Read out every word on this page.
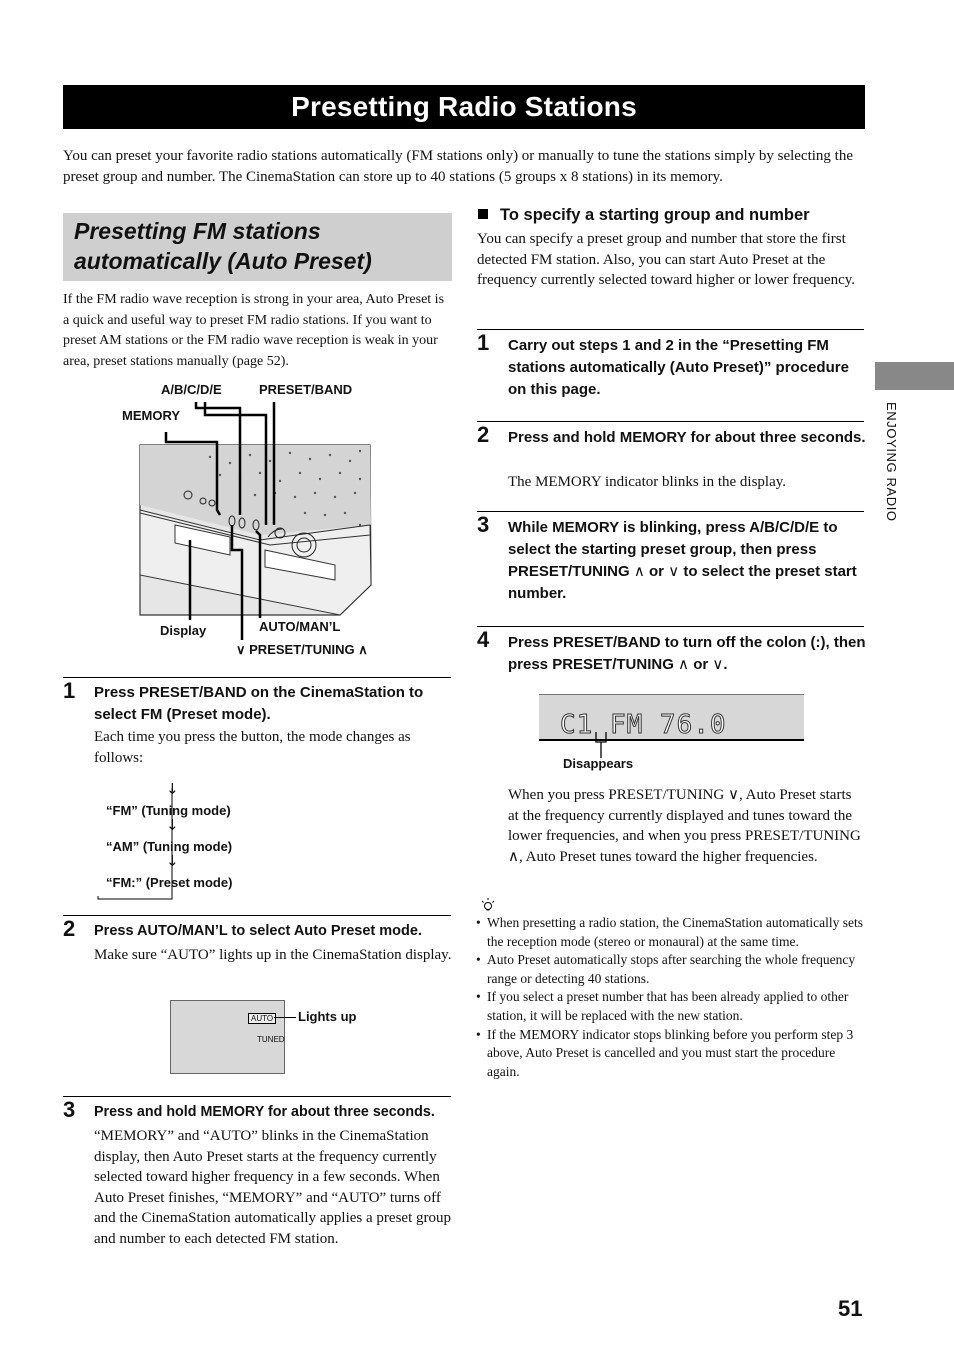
Presetting Radio Stations
You can preset your favorite radio stations automatically (FM stations only) or manually to tune the stations simply by selecting the preset group and number. The CinemaStation can store up to 40 stations (5 groups x 8 stations) in its memory.
ENJOYING RADIO
Presetting FM stations
automatically (Auto Preset)
If the FM radio wave reception is strong in your area, Auto Preset is a quick and useful way to preset FM radio stations. If you want to preset AM stations or the FM radio wave reception is weak in your area, preset stations manually (page 52).
A/B/C/D/E	PRESET/BAND
MEMORY
Display	AUTO/MAN’L
∨ PRESET/TUNING ∧
1 Press PRESET/BAND on the CinemaStation to select FM (Preset mode).
Each time you press the button, the mode changes as follows:
↓
“FM” (Tuning mode)
↓
“AM” (Tuning mode)
↓
“FM:” (Preset mode)
2 Press AUTO/MAN’L to select Auto Preset mode.
Make sure “AUTO” lights up in the CinemaStation display.
AUTO
TUNED
Lights up
3 Press and hold MEMORY for about three seconds.
“MEMORY” and “AUTO” blinks in the CinemaStation display, then Auto Preset starts at the frequency currently selected toward higher frequency in a few seconds. When Auto Preset finishes, “MEMORY” and “AUTO” turns off and the CinemaStation automatically applies a preset group and number to each detected FM station.
To specify a starting group and number
You can specify a preset group and number that store the first detected FM station. Also, you can start Auto Preset at the frequency currently selected toward higher or lower frequency.
1 Carry out steps 1 and 2 in the “Presetting FM stations automatically (Auto Preset)” procedure on this page.
2 Press and hold MEMORY for about three seconds.
The MEMORY indicator blinks in the display.
3 While MEMORY is blinking, press A/B/C/D/E to select the starting preset group, then press PRESET/TUNING ∧ or ∨ to select the preset start number.
4 Press PRESET/BAND to turn off the colon (:), then press PRESET/TUNING ∧ or ∨.
C1 FM 76.0
Disappears
When you press PRESET/TUNING ∨, Auto Preset starts at the frequency currently displayed and tunes toward the lower frequencies, and when you press PRESET/TUNING ∧, Auto Preset tunes toward the higher frequencies.
• When presetting a radio station, the CinemaStation automatically sets the reception mode (stereo or monaural) at the same time.
• Auto Preset automatically stops after searching the whole frequency range or detecting 40 stations.
• If you select a preset number that has been already applied to other station, it will be replaced with the new station.
• If the MEMORY indicator stops blinking before you perform step 3 above, Auto Preset is cancelled and you must start the procedure again.
51
